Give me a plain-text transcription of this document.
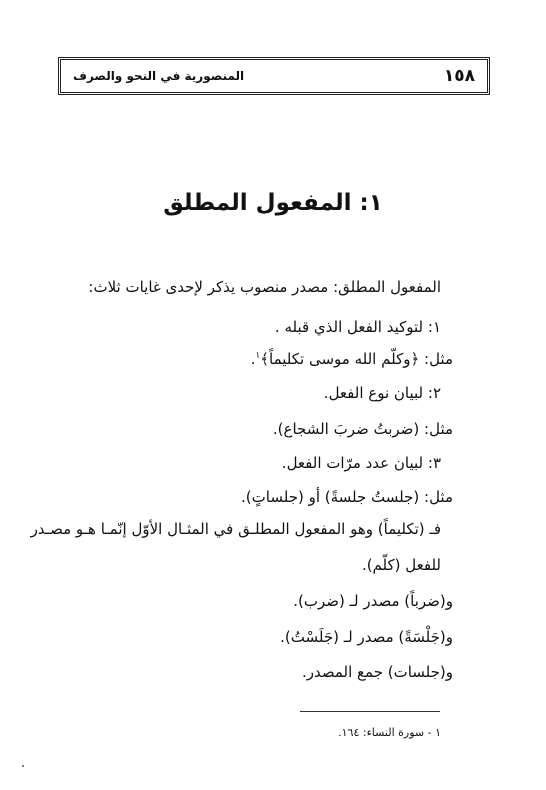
١٥٨
المنصورية في النحو والصرف
١: المفعول المطلق
المفعول المطلق: مصدر منصوب يذكر لإحدى غايات ثلاث:
١: لتوكيد الفعل الذي قبله .
مثل: ﴿وكلّم الله موسى تكليماً﴾$^١$.
٢: لبيان نوع الفعل.
مثل: (ضربتُ ضربَ الشجاع).
٣: لبيان عدد مرّات الفعل.
مثل: (جلستُ جلسةً) أو (جلساتٍ).
فـ (تكليماً) وهو المفعول المطلـق في المثـال الأوّل إنّمـا هـو مصـدر
للفعل (كلّم).
و(ضرباً) مصدر لـ (ضرب).
و(جَلْسَةً) مصدر لـ (جَلَسْتُ).
و(جلسات) جمع المصدر.
١ - سورة النساء: ١٦٤.
